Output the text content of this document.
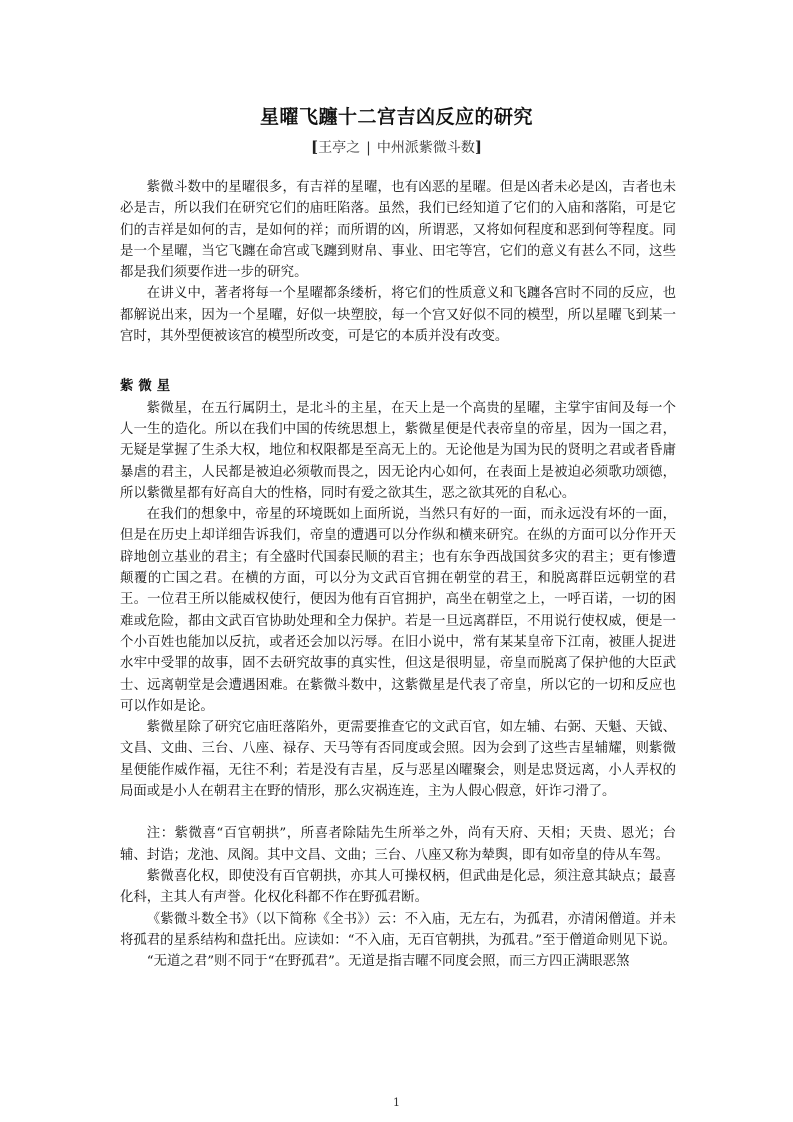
星曜飞躔十二宫吉凶反应的研究
[王亭之 | 中州派紫微斗数]

紫微斗数中的星曜很多，有吉祥的星曜，也有凶恶的星曜。但是凶者未必是凶，吉者也未必是吉，所以我们在研究它们的庙旺陷落。虽然，我们已经知道了它们的入庙和落陷，可是它们的吉祥是如何的吉，是如何的祥；而所谓的凶，所谓恶，又将如何程度和恶到何等程度。同是一个星曜，当它飞躔在命宫或飞躔到财帛、事业、田宅等宫，它们的意义有甚么不同，这些都是我们须要作进一步的研究。

在讲义中，著者将每一个星曜都条缕析，将它们的性质意义和飞躔各宫时不同的反应，也都解说出来，因为一个星曜，好似一块塑胶，每一个宫又好似不同的模型，所以星曜飞到某一宫时，其外型便被该宫的模型所改变，可是它的本质并没有改变。

紫微星

紫微星，在五行属阴土，是北斗的主星，在天上是一个高贵的星曜，主掌宇宙间及每一个人一生的造化。所以在我们中国的传统思想上，紫微星便是代表帝皇的帝星，因为一国之君，无疑是掌握了生杀大权，地位和权限都是至高无上的。无论他是为国为民的贤明之君或者昏庸暴虐的君主，人民都是被迫必须敬而畏之，因无论内心如何，在表面上是被迫必须歌功颂德，所以紫微星都有好高自大的性格，同时有爱之欲其生，恶之欲其死的自私心。

在我们的想象中，帝星的环境既如上面所说，当然只有好的一面，而永远没有坏的一面，但是在历史上却详细告诉我们，帝皇的遭遇可以分作纵和横来研究。在纵的方面可以分作开天辟地创立基业的君主；有全盛时代国泰民顺的君主；也有东争西战国贫多灾的君主；更有惨遭颠覆的亡国之君。在横的方面，可以分为文武百官拥在朝堂的君王，和脱离群臣远朝堂的君王。一位君王所以能威权使行，便因为他有百官拥护，高坐在朝堂之上，一呼百诺，一切的困难或危险，都由文武百官协助处理和全力保护。若是一旦远离群臣，不用说行使权威，便是一个小百姓也能加以反抗，或者还会加以污辱。在旧小说中，常有某某皇帝下江南，被匪人捉进水牢中受罪的故事，固不去研究故事的真实性，但这是很明显，帝皇而脱离了保护他的大臣武士、远离朝堂是会遭遇困难。在紫微斗数中，这紫微星是代表了帝皇，所以它的一切和反应也可以作如是论。

紫微星除了研究它庙旺落陷外，更需要推查它的文武百官，如左辅、右弼、天魁、天钺、文昌、文曲、三台、八座、禄存、天马等有否同度或会照。因为会到了这些吉星辅耀，则紫微星便能作威作福，无往不利；若是没有吉星，反与恶星凶曜聚会，则是忠贤远离，小人弄权的局面或是小人在朝君主在野的情形，那么灾祸连连，主为人假心假意，奸诈刁滑了。

注：紫微喜“百官朝拱”，所喜者除陆先生所举之外，尚有天府、天相；天贵、恩光；台辅、封诰；龙池、凤阁。其中文昌、文曲；三台、八座又称为辇舆，即有如帝皇的侍从车驾。

紫微喜化权，即使没有百官朝拱，亦其人可操权柄，但武曲是化忌，须注意其缺点；最喜化科，主其人有声誉。化权化科都不作在野孤君断。

《紫微斗数全书》（以下简称《全书》）云：不入庙，无左右，为孤君，亦清闲僧道。并未将孤君的星系结构和盘托出。应读如：“不入庙，无百官朝拱，为孤君。”至于僧道命则见下说。

“无道之君”则不同于“在野孤君”。无道是指吉曜不同度会照，而三方四正满眼恶煞

1
